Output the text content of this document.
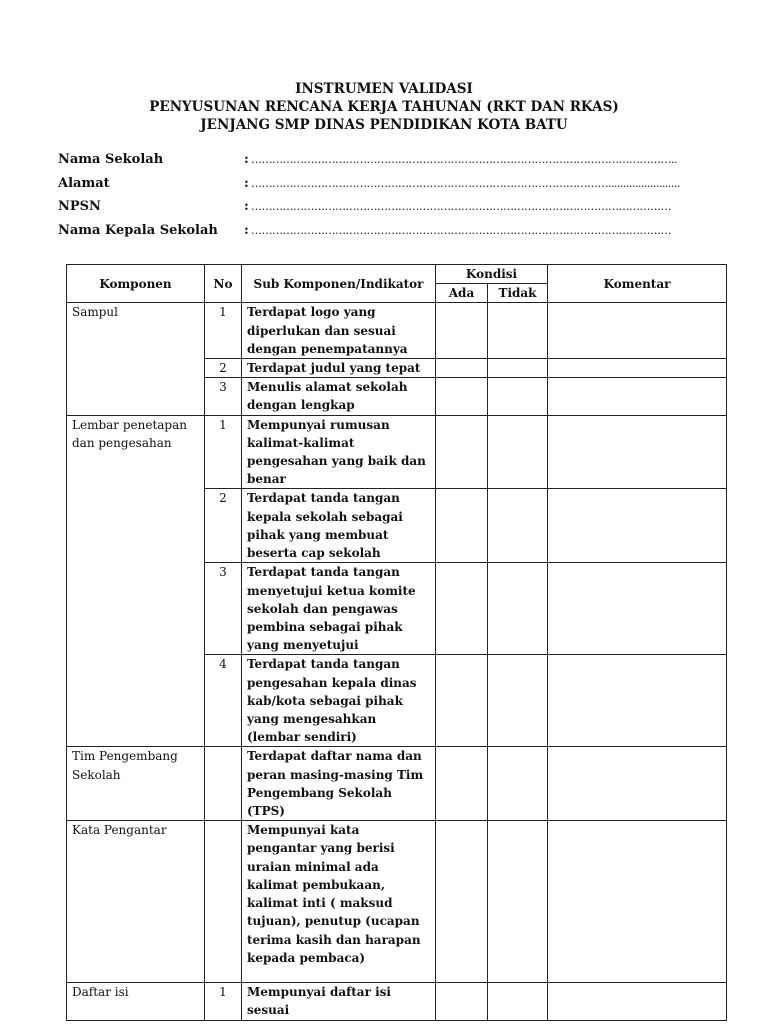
INSTRUMEN VALIDASI
PENYUSUNAN RENCANA KERJA TAHUNAN (RKT DAN RKAS)
JENJANG SMP DINAS PENDIDIKAN KOTA BATU
Nama Sekolah	: …………………………………………………………………………………………………………..
Alamat	: …………………………………………………………………………………………........................
NPSN	: …………………………………………………………………………………………………………
Nama Kepala Sekolah : …………………………………………………………………………………………………………
Komponen	No	Sub Komponen/Indikator	Kondisi		Komentar
			Ada	Tidak	
Sampul	1	Terdapat logo yang diperlukan dan sesuai dengan penempatannya			
	2	Terdapat judul yang tepat			
	3	Menulis alamat sekolah dengan lengkap			
Lembar penetapan dan pengesahan	1	Mempunyai rumusan kalimat-kalimat pengesahan yang baik dan benar			
	2	Terdapat tanda tangan kepala sekolah sebagai pihak yang membuat beserta cap sekolah			
	3	Terdapat tanda tangan menyetujui ketua komite sekolah dan pengawas pembina sebagai pihak yang menyetujui			
	4	Terdapat tanda tangan pengesahan kepala dinas kab/kota sebagai pihak yang mengesahkan (lembar sendiri)			
Tim Pengembang Sekolah		Terdapat daftar nama dan peran masing-masing Tim Pengembang Sekolah (TPS)			
Kata Pengantar		Mempunyai kata pengantar yang berisi uraian minimal ada kalimat pembukaan, kalimat inti ( maksud tujuan), penutup (ucapan terima kasih dan harapan kepada pembaca)			
Daftar isi	1	Mempunyai daftar isi sesuai			
